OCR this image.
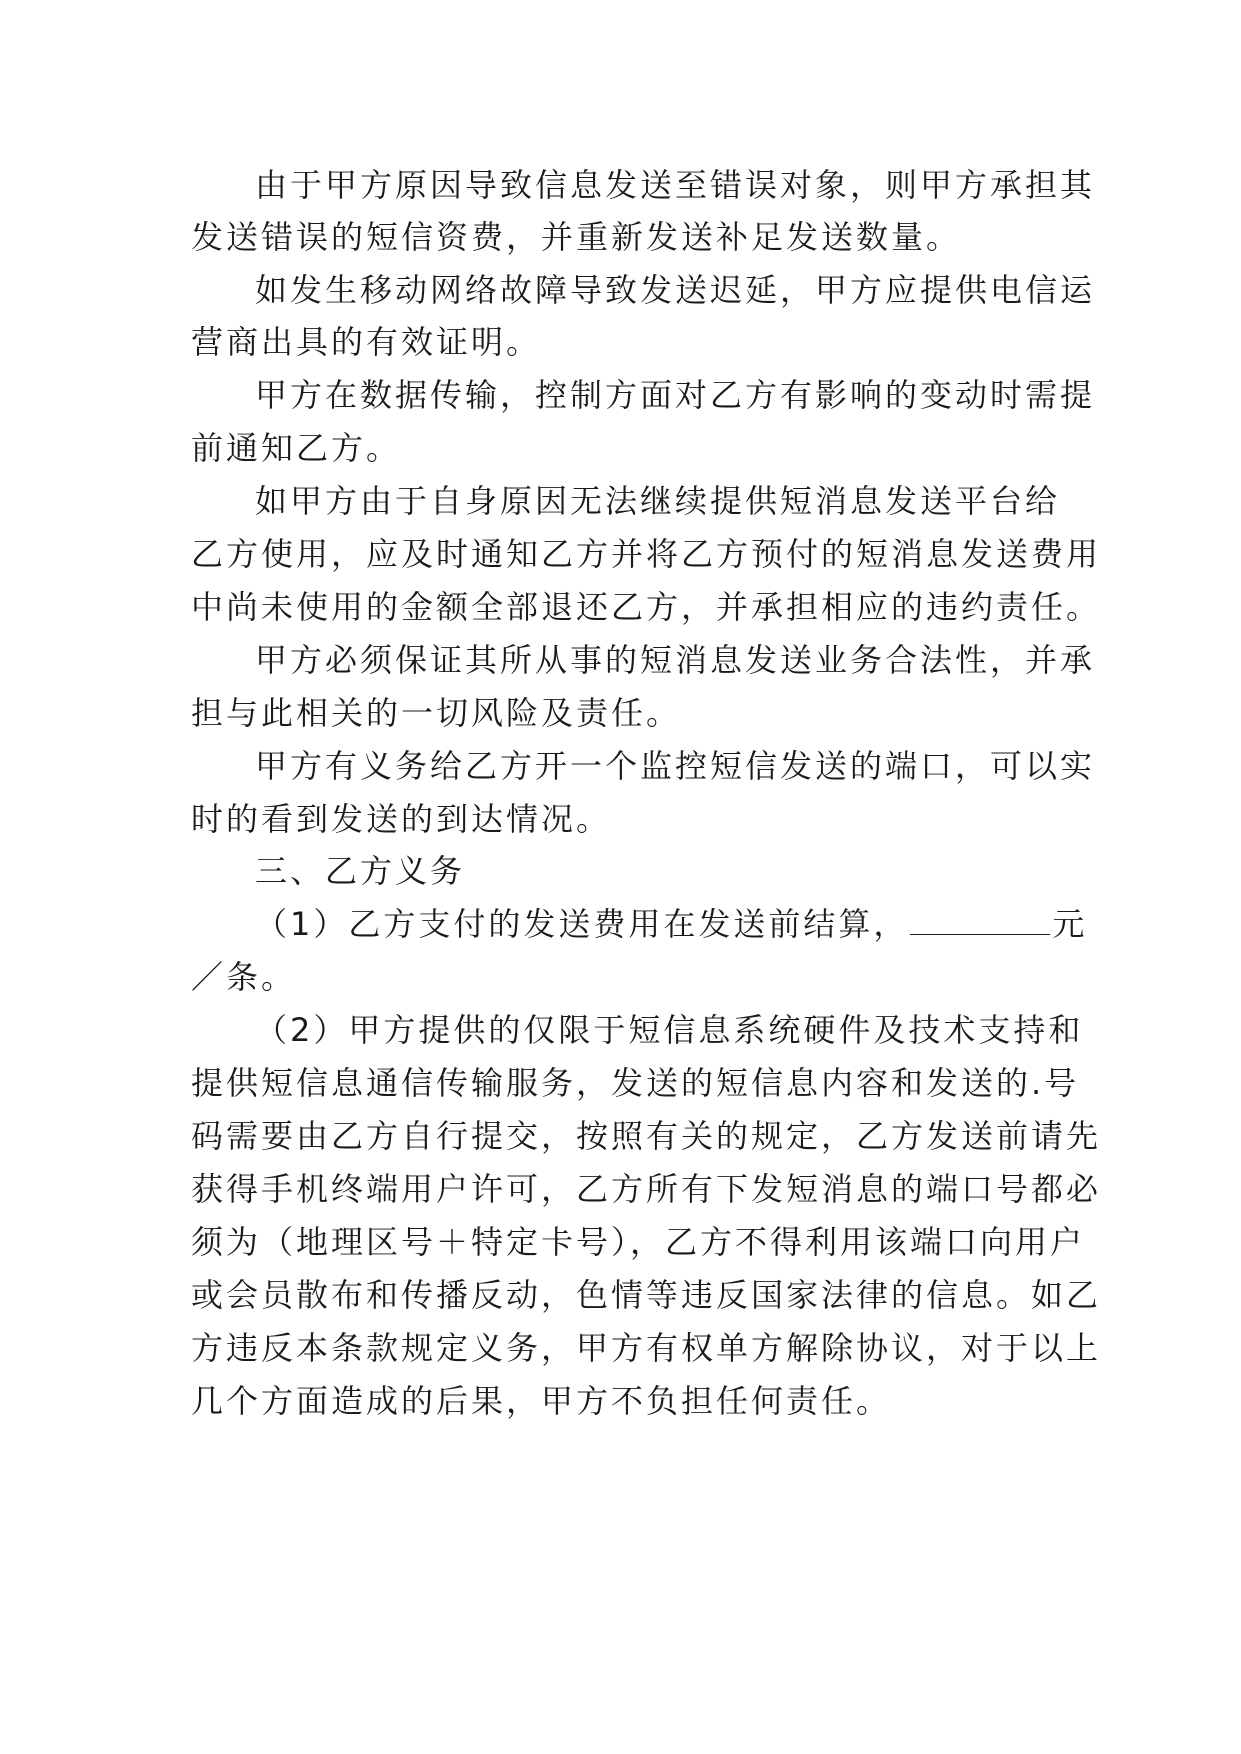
由于甲方原因导致信息发送至错误对象，则甲方承担其
发送错误的短信资费，并重新发送补足发送数量。
如发生移动网络故障导致发送迟延，甲方应提供电信运
营商出具的有效证明。
甲方在数据传输，控制方面对乙方有影响的变动时需提
前通知乙方。
如甲方由于自身原因无法继续提供短消息发送平台给
乙方使用，应及时通知乙方并将乙方预付的短消息发送费用
中尚未使用的金额全部退还乙方，并承担相应的违约责任。
甲方必须保证其所从事的短消息发送业务合法性，并承
担与此相关的一切风险及责任。
甲方有义务给乙方开一个监控短信发送的端口，可以实
时的看到发送的到达情况。
三、乙方义务
（1）乙方支付的发送费用在发送前结算，	元
／条。
（2）甲方提供的仅限于短信息系统硬件及技术支持和
提供短信息通信传输服务，发送的短信息内容和发送的.号
码需要由乙方自行提交，按照有关的规定，乙方发送前请先
获得手机终端用户许可，乙方所有下发短消息的端口号都必
须为（地理区号＋特定卡号），乙方不得利用该端口向用户
或会员散布和传播反动，色情等违反国家法律的信息。如乙
方违反本条款规定义务，甲方有权单方解除协议，对于以上
几个方面造成的后果，甲方不负担任何责任。
